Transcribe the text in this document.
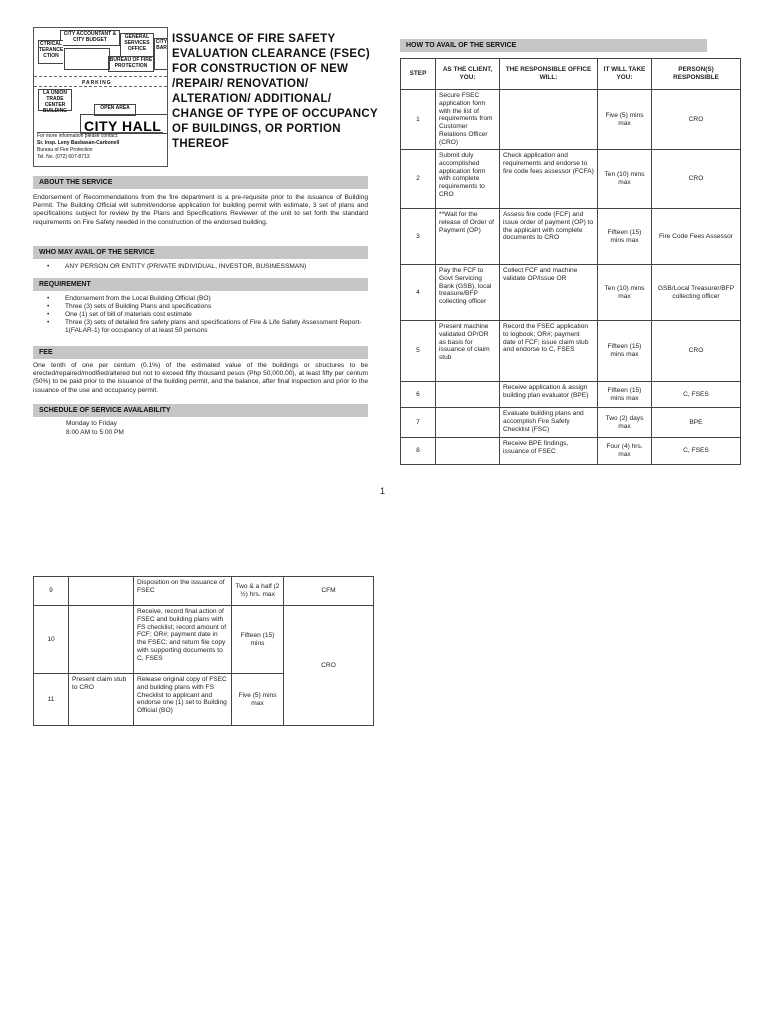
CITY ACCOUNTANT & CITY BUDGET
CTRICAL TERANCE CTION
GENERAL SERVICES OFFICE
CITY BAR
BUREAU OF FIRE PROTECTION
PARKING
LA UNION TRADE CENTER BUILDING	OPEN AREA
CITY HALL
For more information please contact:
Sr. Insp. Leny Basbasan-Carbonell
Bureau of Fire Protection
Tel. No. (072) 607-8713
ISSUANCE OF FIRE SAFETY EVALUATION CLEARANCE (FSEC) FOR CONSTRUCTION OF NEW /REPAIR/ RENOVATION/ ALTERATION/ ADDITIONAL/ CHANGE OF TYPE OF OCCUPANCY OF BUILDINGS, OR PORTION THEREOF
ABOUT THE SERVICE
Endorsement of Recommendations from the fire department is a pre-requisite prior to the issuance of Building Permit. The Building Official will submit/endorse application for building permit with estimate, 3 set of plans and specifications subject for review by the Plans and Specifications Reviewer of the unit to set forth the standard requirements on Fire Safety needed in the construction of the endorsed building.
WHO MAY AVAIL OF THE SERVICE
• ANY PERSON OR ENTITY (PRIVATE INDIVIDUAL, INVESTOR, BUSINESSMAN)
REQUIREMENT
• Endorsement from the Local Building Official (BO)
• Three (3) sets of Building Plans and specifications
• One (1) set of bill of materials cost estimate
• Three (3) sets of detailed fire safety plans and specifications of Fire & Life Safety Assessment Report-1(FALAR-1) for occupancy of at least 50 persons
FEE
One tenth of one per centum (0.1%) of the estimated value of the buildings or structures to be erected/repaired/modified/altered but not to exceed fifty thousand pesos (Php 50,000.00), at least fifty per centum (50%) to be paid prior to the issuance of the building permit, and the balance, after final inspection and prior to the issuance of the use and occupancy permit.
SCHEDULE OF SERVICE AVAILABILITY
Monday to Friday
8:00 AM to 5:00 PM
HOW TO AVAIL OF THE SERVICE
STEP	AS THE CLIENT, YOU:	THE RESPONSIBLE OFFICE WILL:	IT WILL TAKE YOU:	PERSON(S) RESPONSIBLE
1	Secure FSEC application form with the list of requirements from Customer Relations Officer (CRO)		Five (5) mins max	CRO
2	Submit duly accomplished application form with complete requirements to CRO	Check application and requirements and endorse to fire code fees assessor (FCFA)	Ten (10) mins max	CRO
3	**Wait for the release of Order of Payment (OP)	Assess fire code (FCF) and issue order of payment (OP) to the applicant with complete documents to CRO	Fifteen (15) mins max	Fire Code Fees Assessor
4	Pay the FCF to Govt Servicing Bank (GSB), local treasure/BFP collecting officer	Collect FCF and machine validate OP/Issue OR	Ten (10) mins max	GSB/Local Treasurer/BFP collecting officer
5	Present machine validated OP/OR as basis for issuance of claim stub	Record the FSEC application to logbook; OR#; payment date of FCF; issue claim stub and endorse to C, FSES	Fifteen (15) mins max	CRO
6		Receive application & assign building plan evaluator (BPE)	Fifteen (15) mins max	C, FSES
7		Evaluate building plans and accomplish Fire Safety Checklist (FSC)	Two (2) days max	BPE
8		Receive BPE findings, issuance of FSEC	Four (4) hrs. max	C, FSES
1
9		Disposition on the issuance of FSEC	Two & a half (2 ½) hrs. max	CFM
10		Receive, record final action of FSEC and building plans with FS checklist; record amount of FCF; OR#; payment date in the FSEC; and return file copy with supporting documents to C, FSES	Fifteen (15) mins	CRO
11	Present claim stub to CRO	Release original copy of FSEC and building plans with FS Checklist to applicant and endorse one (1) set to Building Official (BO)	Five (5) mins max	
